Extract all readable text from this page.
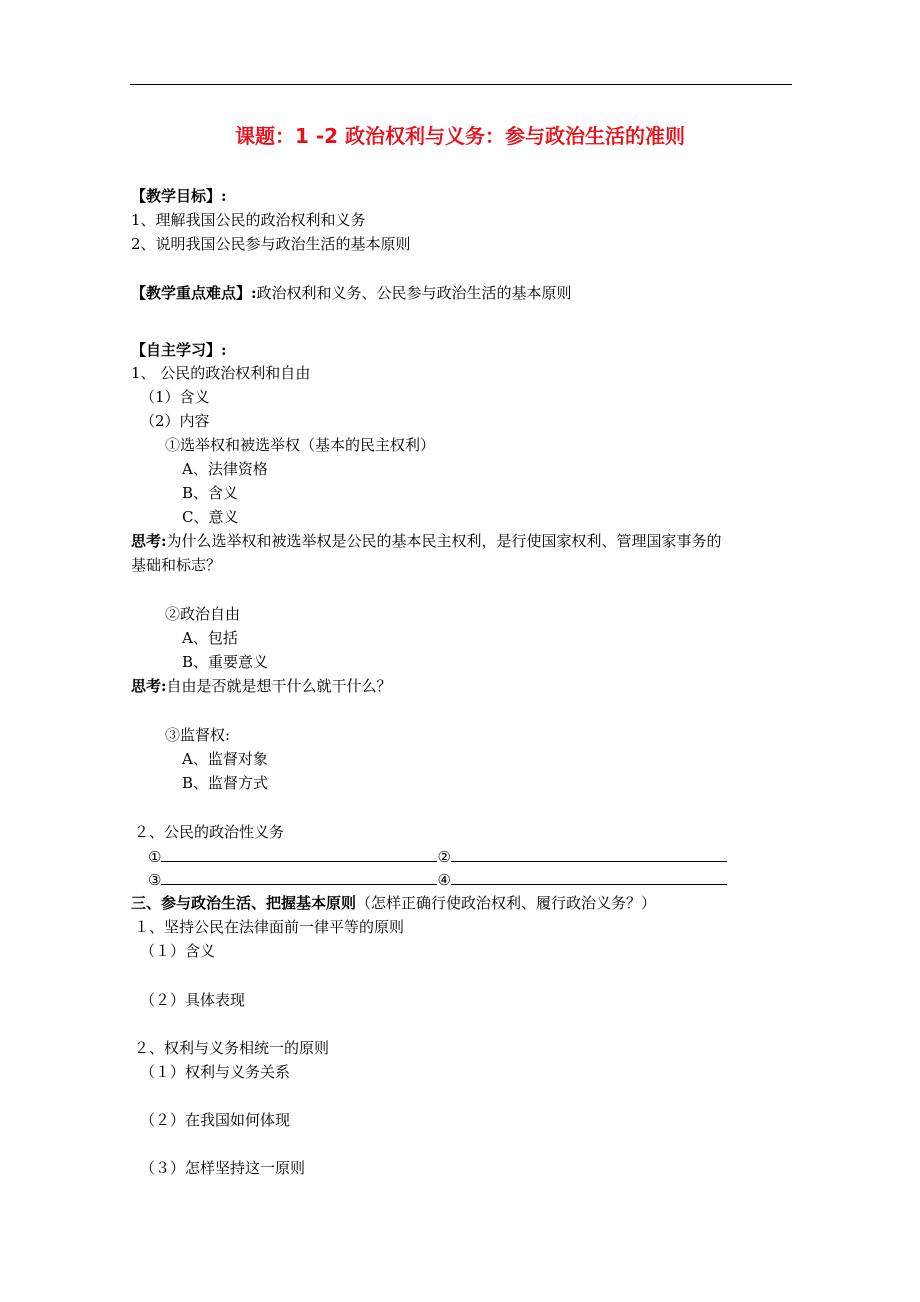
课题：1 -2 政治权利与义务：参与政治生活的准则
【教学目标】:
1、理解我国公民的政治权利和义务
2、说明我国公民参与政治生活的基本原则
【教学重点难点】:政治权利和义务、公民参与政治生活的基本原则
【自主学习】:
1、 公民的政治权利和自由
（1）含义
（2）内容
①选举权和被选举权（基本的民主权利）
A、法律资格
B、含义
C、意义
思考:为什么选举权和被选举权是公民的基本民主权利，是行使国家权利、管理国家事务的
基础和标志？
②政治自由
A、包括
B、重要意义
思考:自由是否就是想干什么就干什么？
③监督权:
A、监督对象
B、监督方式
２、公民的政治性义务
①	②
③	④
三、参与政治生活、把握基本原则（怎样正确行使政治权利、履行政治义务？）
１、坚持公民在法律面前一律平等的原则
（１）含义
（２）具体表现
２、权利与义务相统一的原则
（１）权利与义务关系
（２）在我国如何体现
（３）怎样坚持这一原则
